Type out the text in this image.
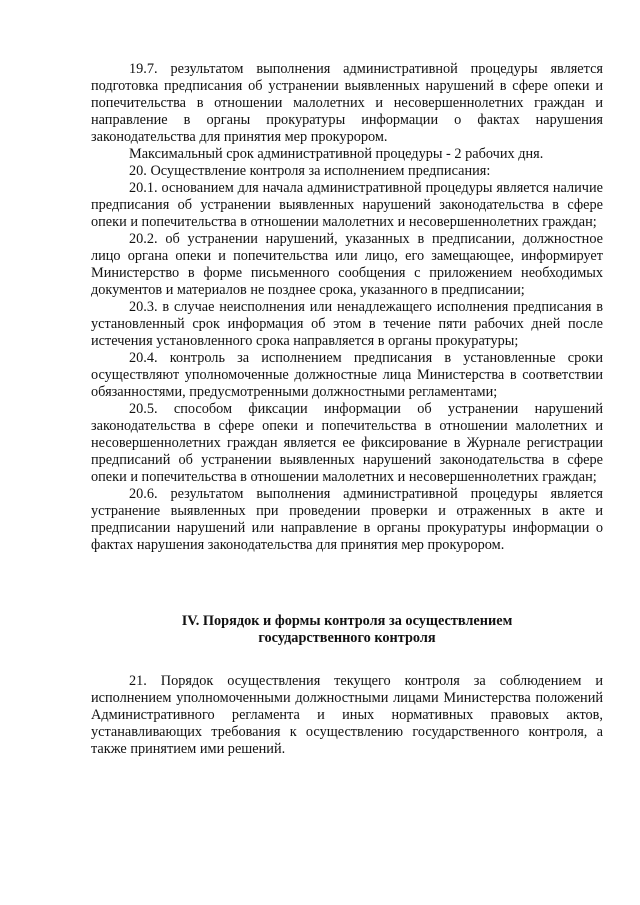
19.7. результатом выполнения административной процедуры является подготовка предписания об устранении выявленных нарушений в сфере опеки и попечительства в отношении малолетних и несовершеннолетних граждан и направление в органы прокуратуры информации о фактах нарушения законодательства для принятия мер прокурором.

Максимальный срок административной процедуры - 2 рабочих дня.

20. Осуществление контроля за исполнением предписания:

20.1. основанием для начала административной процедуры является наличие предписания об устранении выявленных нарушений законодательства в сфере опеки и попечительства в отношении малолетних и несовершеннолетних граждан;

20.2. об устранении нарушений, указанных в предписании, должностное лицо органа опеки и попечительства или лицо, его замещающее, информирует Министерство в форме письменного сообщения с приложением необходимых документов и материалов не позднее срока, указанного в предписании;

20.3. в случае неисполнения или ненадлежащего исполнения предписания в установленный срок информация об этом в течение пяти рабочих дней после истечения установленного срока направляется в органы прокуратуры;

20.4. контроль за исполнением предписания в установленные сроки осуществляют уполномоченные должностные лица Министерства в соответствии обязанностями, предусмотренными должностными регламентами;

20.5. способом фиксации информации об устранении нарушений законодательства в сфере опеки и попечительства в отношении малолетних и несовершеннолетних граждан является ее фиксирование в Журнале регистрации предписаний об устранении выявленных нарушений законодательства в сфере опеки и попечительства в отношении малолетних и несовершеннолетних граждан;

20.6. результатом выполнения административной процедуры является устранение выявленных при проведении проверки и отраженных в акте и предписании нарушений или направление в органы прокуратуры информации о фактах нарушения законодательства для принятия мер прокурором.

IV. Порядок и формы контроля за осуществлением

государственного контроля

21. Порядок осуществления текущего контроля за соблюдением и исполнением уполномоченными должностными лицами Министерства положений Административного регламента и иных нормативных правовых актов, устанавливающих требования к осуществлению государственного контроля, а также принятием ими решений.
